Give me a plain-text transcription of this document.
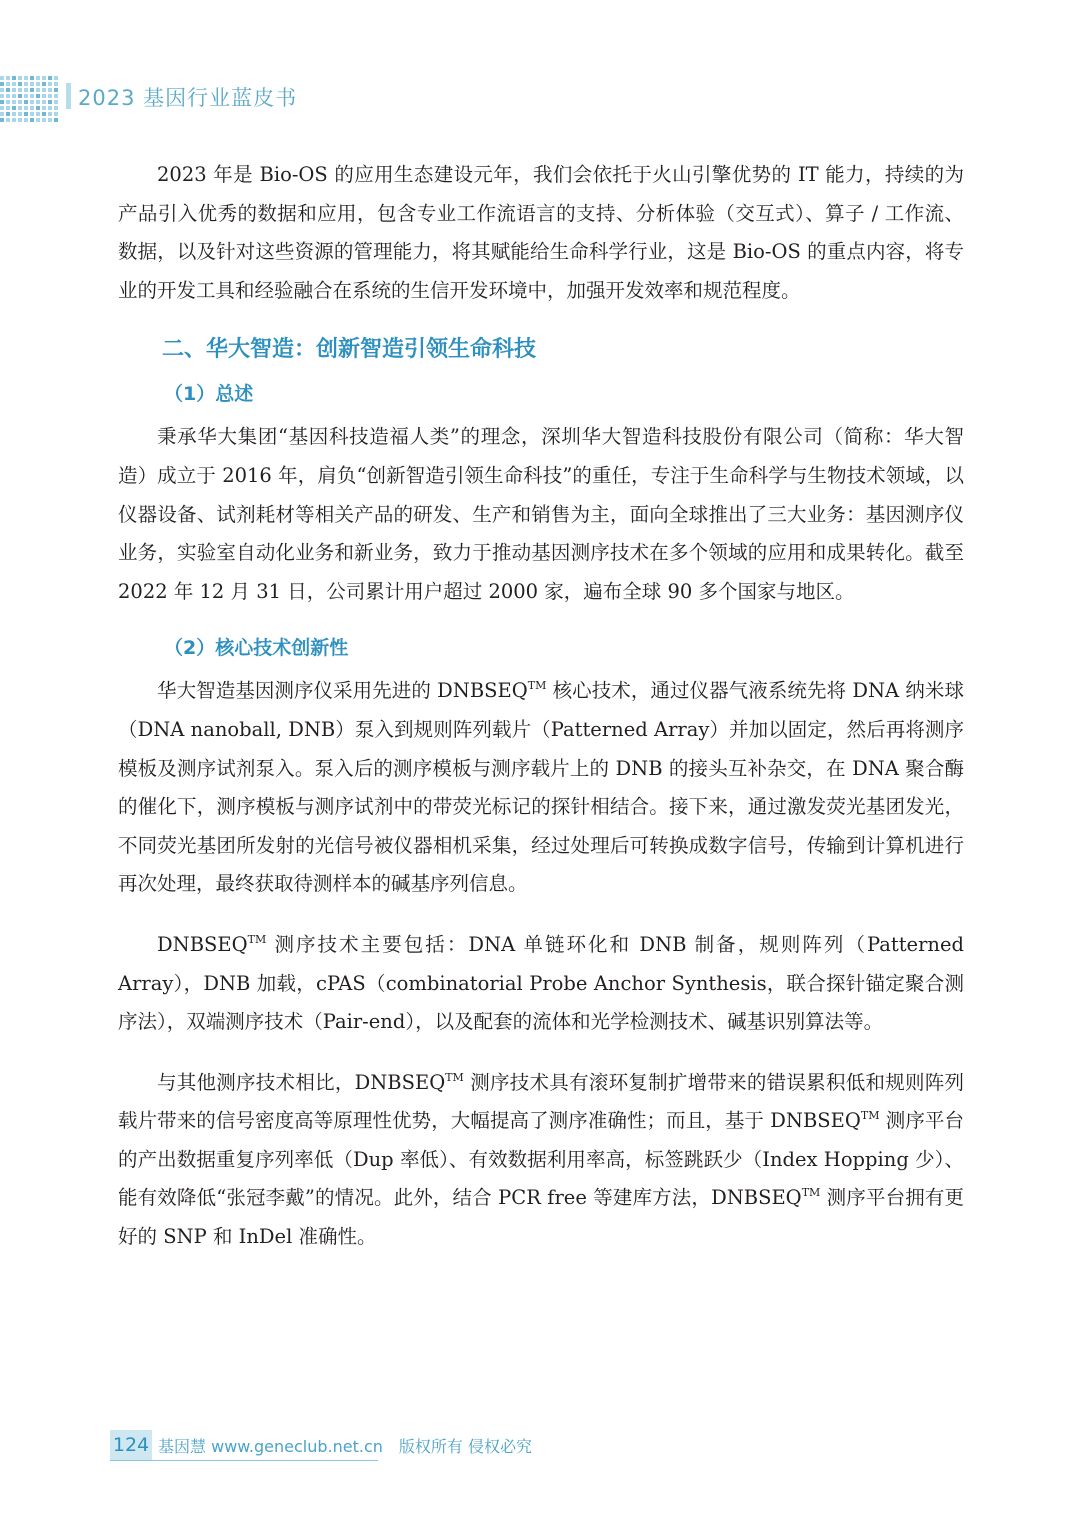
2023 基因行业蓝皮书

2023 年是 Bio-OS 的应用生态建设元年，我们会依托于火山引擎优势的 IT 能力，持续的为产品引入优秀的数据和应用，包含专业工作流语言的支持、分析体验（交互式）、算子 / 工作流、数据，以及针对这些资源的管理能力，将其赋能给生命科学行业，这是 Bio-OS 的重点内容，将专业的开发工具和经验融合在系统的生信开发环境中，加强开发效率和规范程度。

二、华大智造：创新智造引领生命科技
（1）总述

秉承华大集团“基因科技造福人类”的理念，深圳华大智造科技股份有限公司（简称：华大智造）成立于 2016 年，肩负“创新智造引领生命科技”的重任，专注于生命科学与生物技术领域，以仪器设备、试剂耗材等相关产品的研发、生产和销售为主，面向全球推出了三大业务：基因测序仪业务，实验室自动化业务和新业务，致力于推动基因测序技术在多个领域的应用和成果转化。截至 2022 年 12 月 31 日，公司累计用户超过 2000 家，遍布全球 90 多个国家与地区。

（2）核心技术创新性

华大智造基因测序仪采用先进的 DNBSEQ™ 核心技术，通过仪器气液系统先将 DNA 纳米球（DNA nanoball, DNB）泵入到规则阵列载片（Patterned Array）并加以固定，然后再将测序模板及测序试剂泵入。泵入后的测序模板与测序载片上的 DNB 的接头互补杂交，在 DNA 聚合酶的催化下，测序模板与测序试剂中的带荧光标记的探针相结合。接下来，通过激发荧光基团发光，不同荧光基团所发射的光信号被仪器相机采集，经过处理后可转换成数字信号，传输到计算机进行再次处理，最终获取待测样本的碱基序列信息。

DNBSEQ™ 测序技术主要包括：DNA 单链环化和 DNB 制备，规则阵列（Patterned Array），DNB 加载，cPAS（combinatorial Probe Anchor Synthesis，联合探针锚定聚合测序法），双端测序技术（Pair-end），以及配套的流体和光学检测技术、碱基识别算法等。

与其他测序技术相比，DNBSEQ™ 测序技术具有滚环复制扩增带来的错误累积低和规则阵列载片带来的信号密度高等原理性优势，大幅提高了测序准确性；而且，基于 DNBSEQ™ 测序平台的产出数据重复序列率低（Dup 率低）、有效数据利用率高，标签跳跃少（Index Hopping 少）、能有效降低“张冠李戴”的情况。此外，结合 PCR free 等建库方法，DNBSEQ™ 测序平台拥有更好的 SNP 和 InDel 准确性。

124 基因慧 www.geneclub.net.cn 版权所有 侵权必究
